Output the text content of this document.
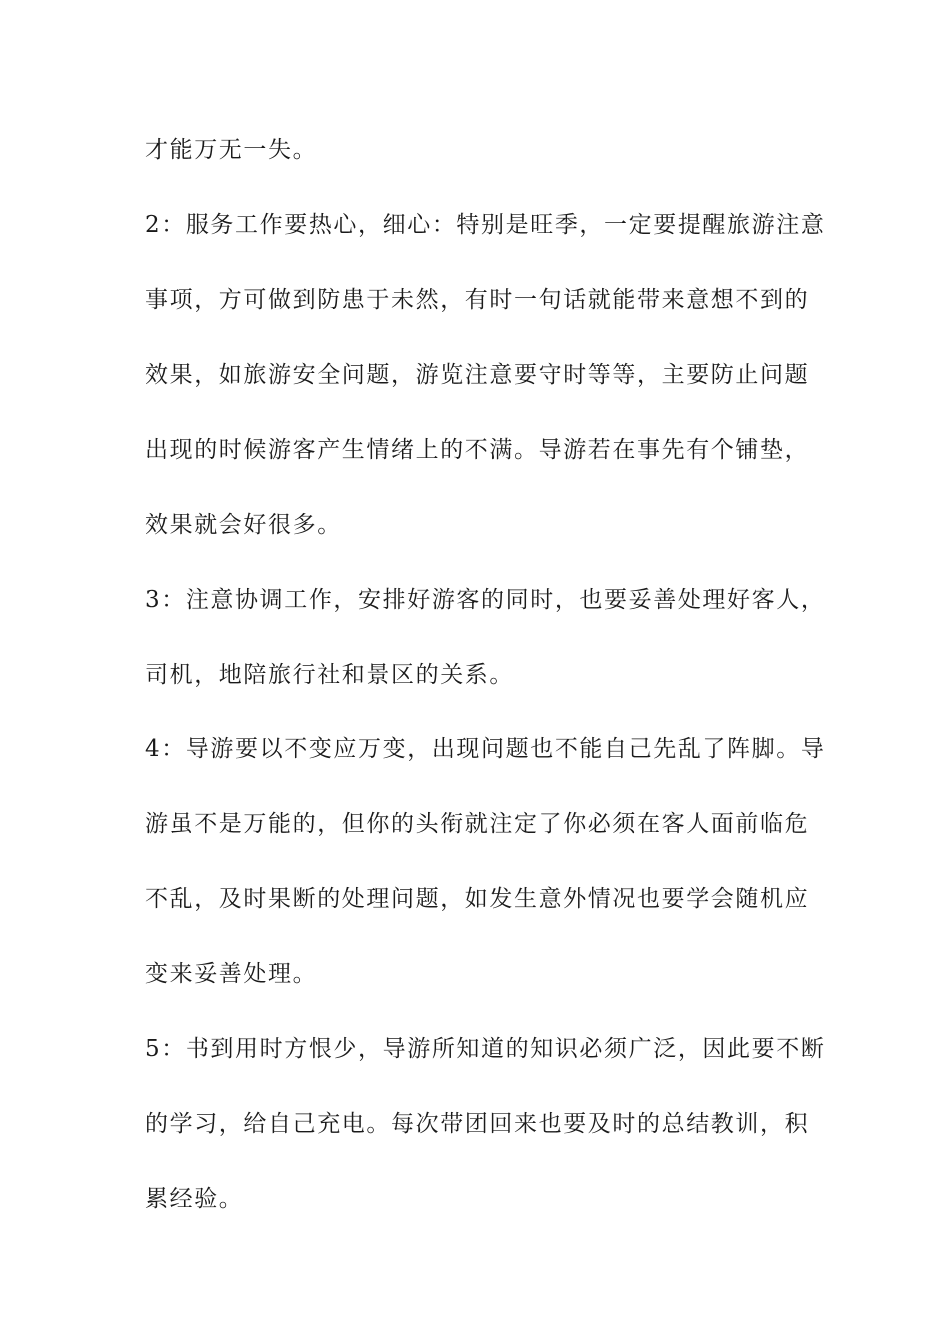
才能万无一失。
2：服务工作要热心，细心：特别是旺季，一定要提醒旅游注意
事项，方可做到防患于未然，有时一句话就能带来意想不到的
效果，如旅游安全问题，游览注意要守时等等，主要防止问题
出现的时候游客产生情绪上的不满。导游若在事先有个铺垫，
效果就会好很多。
3：注意协调工作，安排好游客的同时，也要妥善处理好客人，
司机，地陪旅行社和景区的关系。
4：导游要以不变应万变，出现问题也不能自己先乱了阵脚。导
游虽不是万能的，但你的头衔就注定了你必须在客人面前临危
不乱，及时果断的处理问题，如发生意外情况也要学会随机应
变来妥善处理。
5：书到用时方恨少，导游所知道的知识必须广泛，因此要不断
的学习，给自己充电。每次带团回来也要及时的总结教训，积
累经验。
